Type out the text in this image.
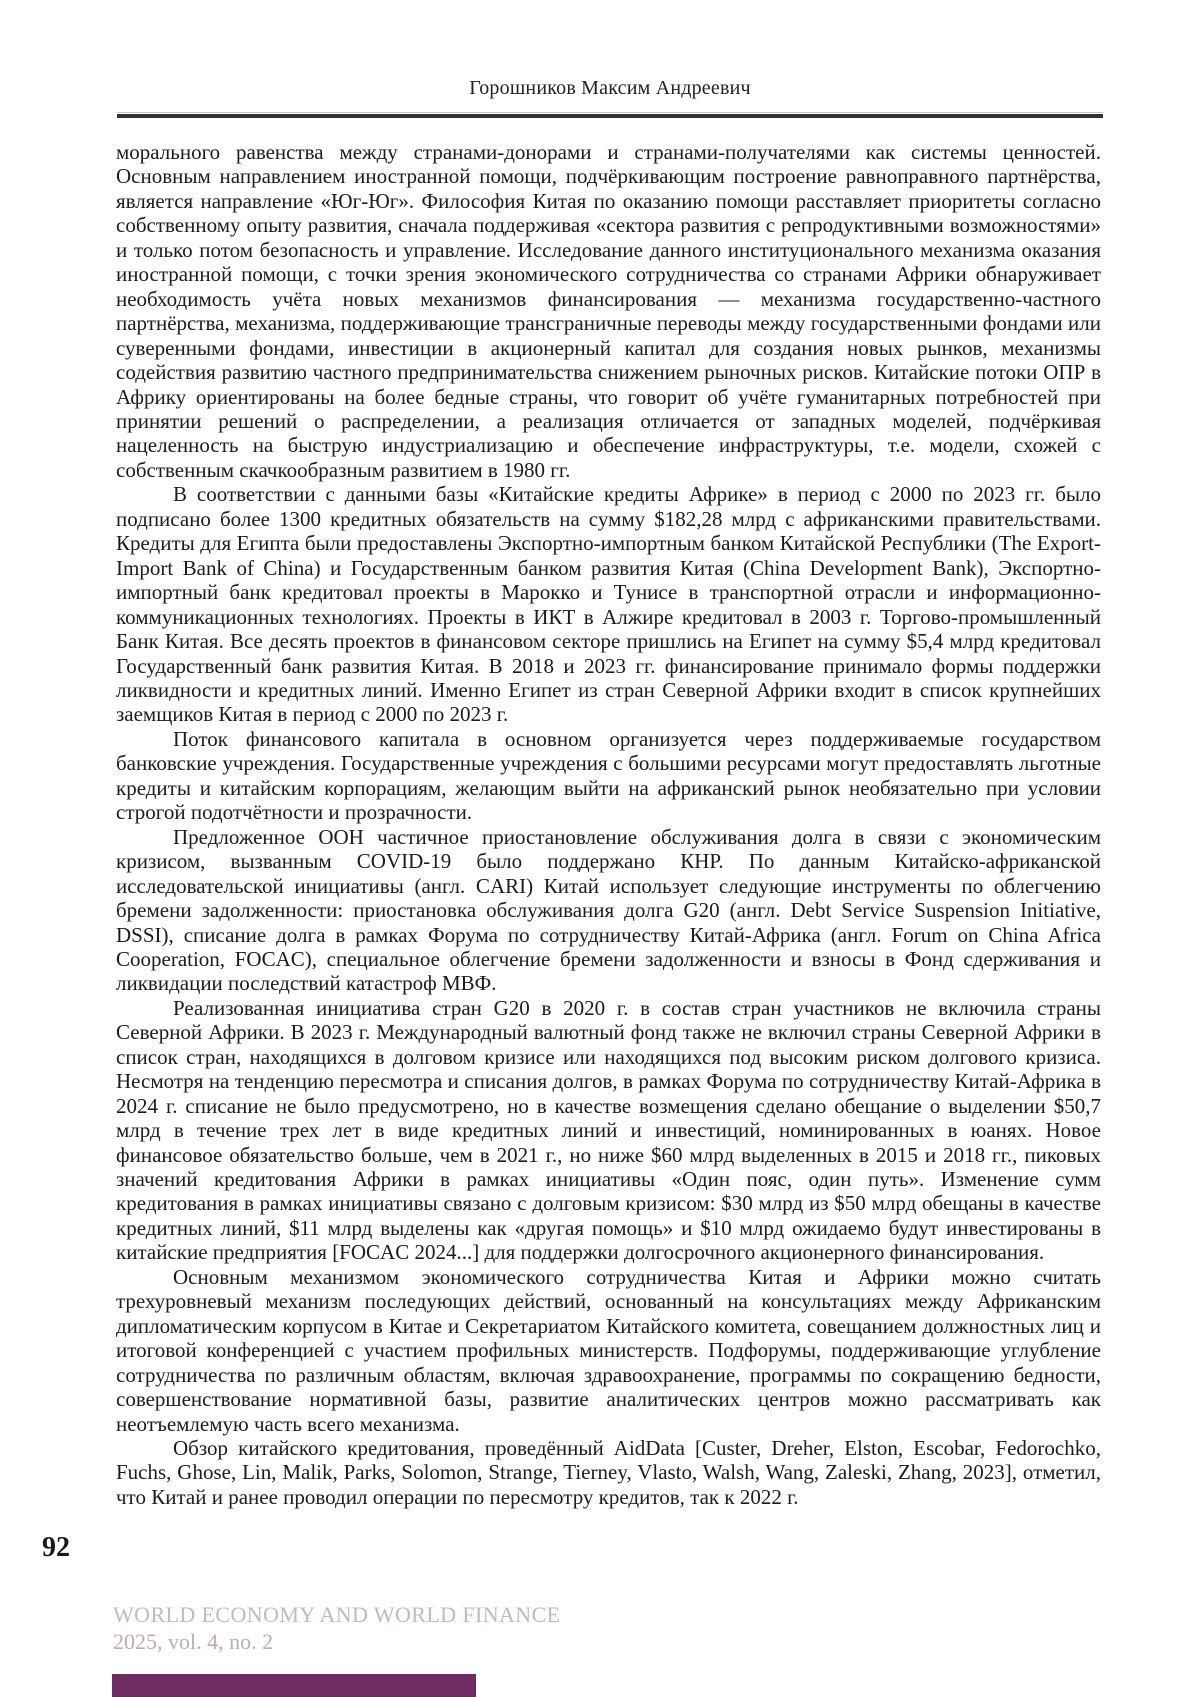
Горошников Максим Андреевич

морального равенства между странами-донорами и странами-получателями как системы ценностей. Основным направлением иностранной помощи, подчёркивающим построение равноправного партнёрства, является направление «Юг-Юг». Философия Китая по оказанию помощи расставляет приоритеты согласно собственному опыту развития, сначала поддерживая «сектора развития с репродуктивными возможностями» и только потом безопасность и управление. Исследование данного институционального механизма оказания иностранной помощи, с точки зрения экономического сотрудничества со странами Африки обнаруживает необходимость учёта новых механизмов финансирования — механизма государственно-частного партнёрства, механизма, поддерживающие трансграничные переводы между государственными фондами или суверенными фондами, инвестиции в акционерный капитал для создания новых рынков, механизмы содействия развитию частного предпринимательства снижением рыночных рисков. Китайские потоки ОПР в Африку ориентированы на более бедные страны, что говорит об учёте гуманитарных потребностей при принятии решений о распределении, а реализация отличается от западных моделей, подчёркивая нацеленность на быструю индустриализацию и обеспечение инфраструктуры, т.е. модели, схожей с собственным скачкообразным развитием в 1980 гг.

В соответствии с данными базы «Китайские кредиты Африке» в период с 2000 по 2023 гг. было подписано более 1300 кредитных обязательств на сумму $182,28 млрд с африканскими правительствами. Кредиты для Египта были предоставлены Экспортно-импортным банком Китайской Республики (The Export-Import Bank of China) и Государственным банком развития Китая (China Development Bank), Экспортно-импортный банк кредитовал проекты в Марокко и Тунисе в транспортной отрасли и информационно-коммуникационных технологиях. Проекты в ИКТ в Алжире кредитовал в 2003 г. Торгово-промышленный Банк Китая. Все десять проектов в финансовом секторе пришлись на Египет на сумму $5,4 млрд кредитовал Государственный банк развития Китая. В 2018 и 2023 гг. финансирование принимало формы поддержки ликвидности и кредитных линий. Именно Египет из стран Северной Африки входит в список крупнейших заемщиков Китая в период с 2000 по 2023 г.

Поток финансового капитала в основном организуется через поддерживаемые государством банковские учреждения. Государственные учреждения с большими ресурсами могут предоставлять льготные кредиты и китайским корпорациям, желающим выйти на африканский рынок необязательно при условии строгой подотчётности и прозрачности.

Предложенное ООН частичное приостановление обслуживания долга в связи с экономическим кризисом, вызванным COVID-19 было поддержано КНР. По данным Китайско-африканской исследовательской инициативы (англ. CARI) Китай использует следующие инструменты по облегчению бремени задолженности: приостановка обслуживания долга G20 (англ. Debt Service Suspension Initiative, DSSI), списание долга в рамках Форума по сотрудничеству Китай-Африка (англ. Forum on China Africa Cooperation, FOCAC), специальное облегчение бремени задолженности и взносы в Фонд сдерживания и ликвидации последствий катастроф МВФ.

Реализованная инициатива стран G20 в 2020 г. в состав стран участников не включила страны Северной Африки. В 2023 г. Международный валютный фонд также не включил страны Северной Африки в список стран, находящихся в долговом кризисе или находящихся под высоким риском долгового кризиса. Несмотря на тенденцию пересмотра и списания долгов, в рамках Форума по сотрудничеству Китай-Африка в 2024 г. списание не было предусмотрено, но в качестве возмещения сделано обещание о выделении $50,7 млрд в течение трех лет в виде кредитных линий и инвестиций, номинированных в юанях. Новое финансовое обязательство больше, чем в 2021 г., но ниже $60 млрд выделенных в 2015 и 2018 гг., пиковых значений кредитования Африки в рамках инициативы «Один пояс, один путь». Изменение сумм кредитования в рамках инициативы связано с долговым кризисом: $30 млрд из $50 млрд обещаны в качестве кредитных линий, $11 млрд выделены как «другая помощь» и $10 млрд ожидаемо будут инвестированы в китайские предприятия [FOCAC 2024...] для поддержки долгосрочного акционерного финансирования.

Основным механизмом экономического сотрудничества Китая и Африки можно считать трехуровневый механизм последующих действий, основанный на консультациях между Африканским дипломатическим корпусом в Китае и Секретариатом Китайского комитета, совещанием должностных лиц и итоговой конференцией с участием профильных министерств. Подфорумы, поддерживающие углубление сотрудничества по различным областям, включая здравоохранение, программы по сокращению бедности, совершенствование нормативной базы, развитие аналитических центров можно рассматривать как неотъемлемую часть всего механизма.

Обзор китайского кредитования, проведённый AidData [Custer, Dreher, Elston, Escobar, Fedorochko, Fuchs, Ghose, Lin, Malik, Parks, Solomon, Strange, Tierney, Vlasto, Walsh, Wang, Zaleski, Zhang, 2023], отметил, что Китай и ранее проводил операции по пересмотру кредитов, так к 2022 г.

92
WORLD ECONOMY AND WORLD FINANCE
2025, vol. 4, no. 2
